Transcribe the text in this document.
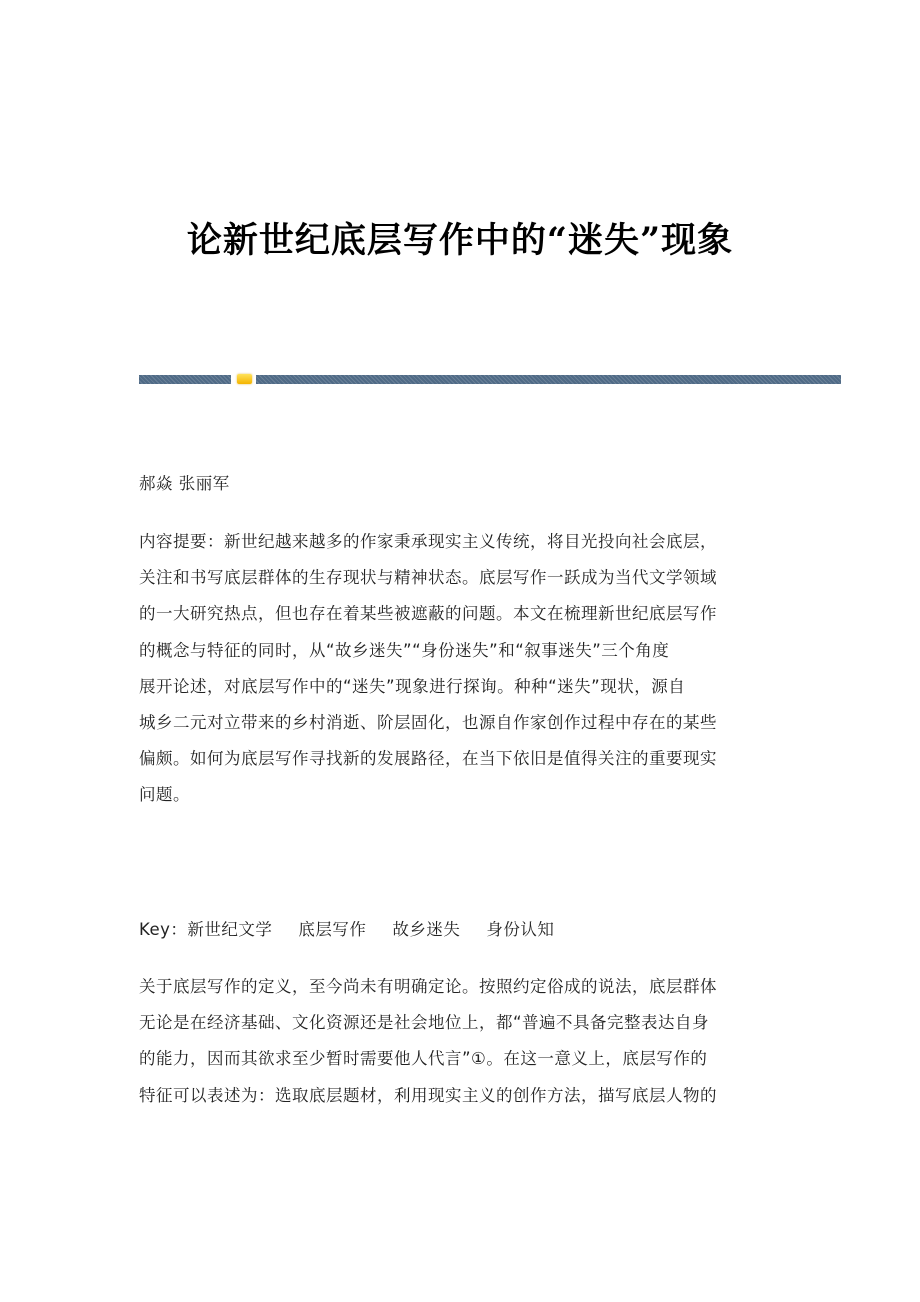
论新世纪底层写作中的“迷失”现象
郝焱 张丽军
内容提要：新世纪越来越多的作家秉承现实主义传统，将目光投向社会底层，
关注和书写底层群体的生存现状与精神状态。底层写作一跃成为当代文学领域
的一大研究热点，但也存在着某些被遮蔽的问题。本文在梳理新世纪底层写作
的概念与特征的同时，从“故乡迷失”“身份迷失”和“叙事迷失”三个角度
展开论述，对底层写作中的“迷失”现象进行探询。种种“迷失”现状，源自
城乡二元对立带来的乡村消逝、阶层固化，也源自作家创作过程中存在的某些
偏颇。如何为底层写作寻找新的发展路径，在当下依旧是值得关注的重要现实
问题。
Key：新世纪文学 底层写作 故乡迷失 身份认知
关于底层写作的定义，至今尚未有明确定论。按照约定俗成的说法，底层群体
无论是在经济基础、文化资源还是社会地位上，都“普遍不具备完整表达自身
的能力，因而其欲求至少暂时需要他人代言”①。在这一意义上，底层写作的
特征可以表述为：选取底层题材，利用现实主义的创作方法，描写底层人物的
